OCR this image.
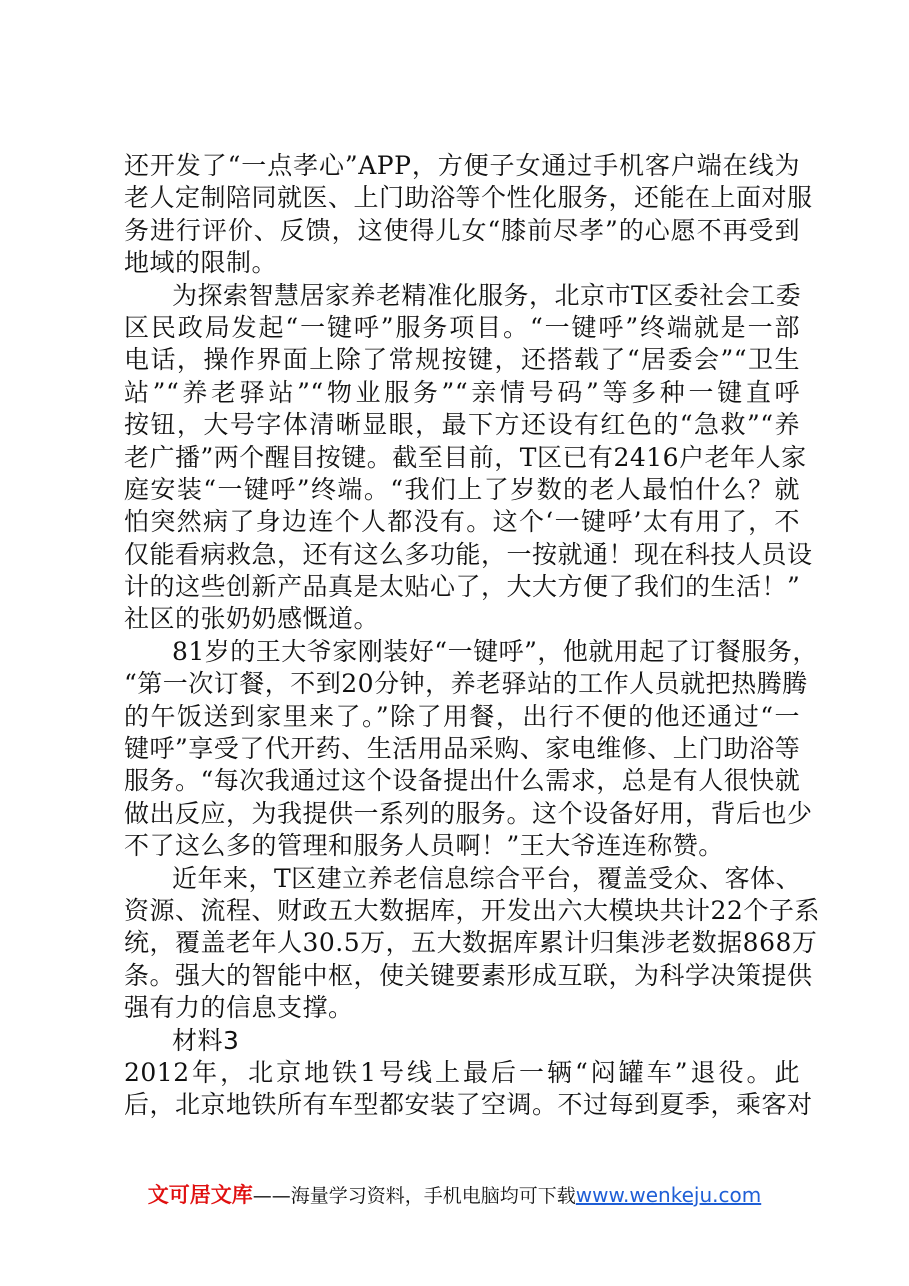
还开发了“一点孝心”APP，方便子女通过手机客户端在线为
老人定制陪同就医、上门助浴等个性化服务，还能在上面对服
务进行评价、反馈，这使得儿女“膝前尽孝”的心愿不再受到
地域的限制。
为探索智慧居家养老精准化服务，北京市T区委社会工委
区民政局发起“一键呼”服务项目。“一键呼”终端就是一部
电话，操作界面上除了常规按键，还搭载了“居委会”“卫生
站”“养老驿站”“物业服务”“亲情号码”等多种一键直呼
按钮，大号字体清晰显眼，最下方还设有红色的“急救”“养
老广播”两个醒目按键。截至目前，T区已有2416户老年人家
庭安装“一键呼”终端。“我们上了岁数的老人最怕什么？就
怕突然病了身边连个人都没有。这个‘一键呼’太有用了，不
仅能看病救急，还有这么多功能，一按就通！现在科技人员设
计的这些创新产品真是太贴心了，大大方便了我们的生活！”
社区的张奶奶感慨道。
81岁的王大爷家刚装好“一键呼”，他就用起了订餐服务，
“第一次订餐，不到20分钟，养老驿站的工作人员就把热腾腾
的午饭送到家里来了。”除了用餐，出行不便的他还通过“一
键呼”享受了代开药、生活用品采购、家电维修、上门助浴等
服务。“每次我通过这个设备提出什么需求，总是有人很快就
做出反应，为我提供一系列的服务。这个设备好用，背后也少
不了这么多的管理和服务人员啊！”王大爷连连称赞。
近年来，T区建立养老信息综合平台，覆盖受众、客体、
资源、流程、财政五大数据库，开发出六大模块共计22个子系
统，覆盖老年人30.5万，五大数据库累计归集涉老数据868万
条。强大的智能中枢，使关键要素形成互联，为科学决策提供
强有力的信息支撑。
材料3
2012年，北京地铁1号线上最后一辆“闷罐车”退役。此
后，北京地铁所有车型都安装了空调。不过每到夏季，乘客对
文可居文库——海量学习资料，手机电脑均可下载www.wenkeju.com
